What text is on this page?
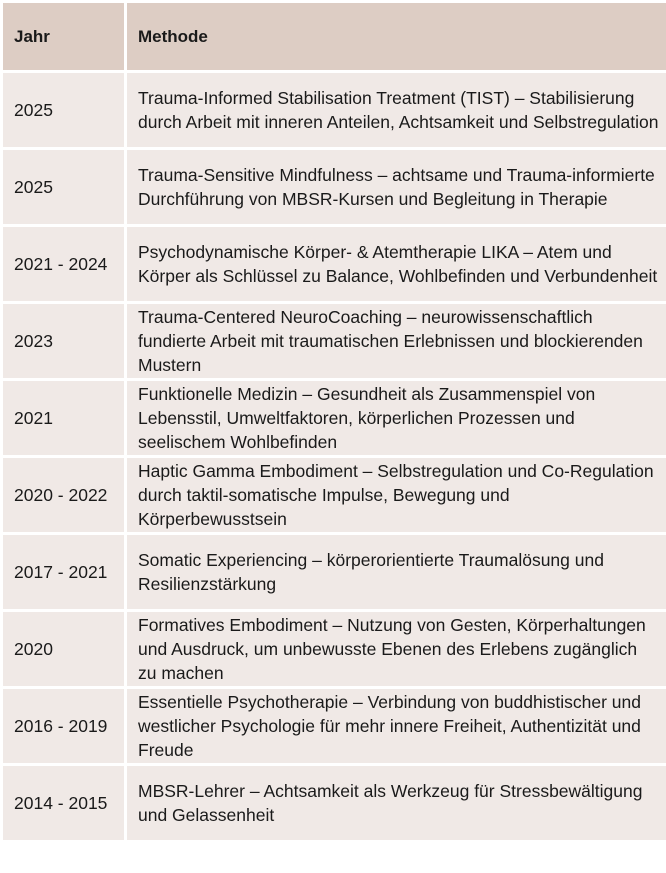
Jahr	Methode
2025	Trauma-Informed Stabilisation Treatment (TIST) – Stabilisierung durch Arbeit mit inneren Anteilen, Achtsamkeit und Selbstregulation
2025	Trauma-Sensitive Mindfulness – achtsame und Trauma-informierte Durchführung von MBSR-Kursen und Begleitung in Therapie
2021 - 2024	Psychodynamische Körper- & Atemtherapie LIKA – Atem und Körper als Schlüssel zu Balance, Wohlbefinden und Verbundenheit
2023	Trauma-Centered NeuroCoaching – neurowissenschaftlich fundierte Arbeit mit traumatischen Erlebnissen und blockierenden Mustern
2021	Funktionelle Medizin – Gesundheit als Zusammenspiel von Lebensstil, Umweltfaktoren, körperlichen Prozessen und seelischem Wohlbefinden
2020 - 2022	Haptic Gamma Embodiment – Selbstregulation und Co-Regulation durch taktil-somatische Impulse, Bewegung und Körperbewusstsein
2017 - 2021	Somatic Experiencing – körperorientierte Traumalösung und Resilienzstärkung
2020	Formatives Embodiment – Nutzung von Gesten, Körperhaltungen und Ausdruck, um unbewusste Ebenen des Erlebens zugänglich zu machen
2016 - 2019	Essentielle Psychotherapie – Verbindung von buddhistischer und westlicher Psychologie für mehr innere Freiheit, Authentizität und Freude
2014 - 2015	MBSR-Lehrer – Achtsamkeit als Werkzeug für Stressbewältigung und Gelassenheit
